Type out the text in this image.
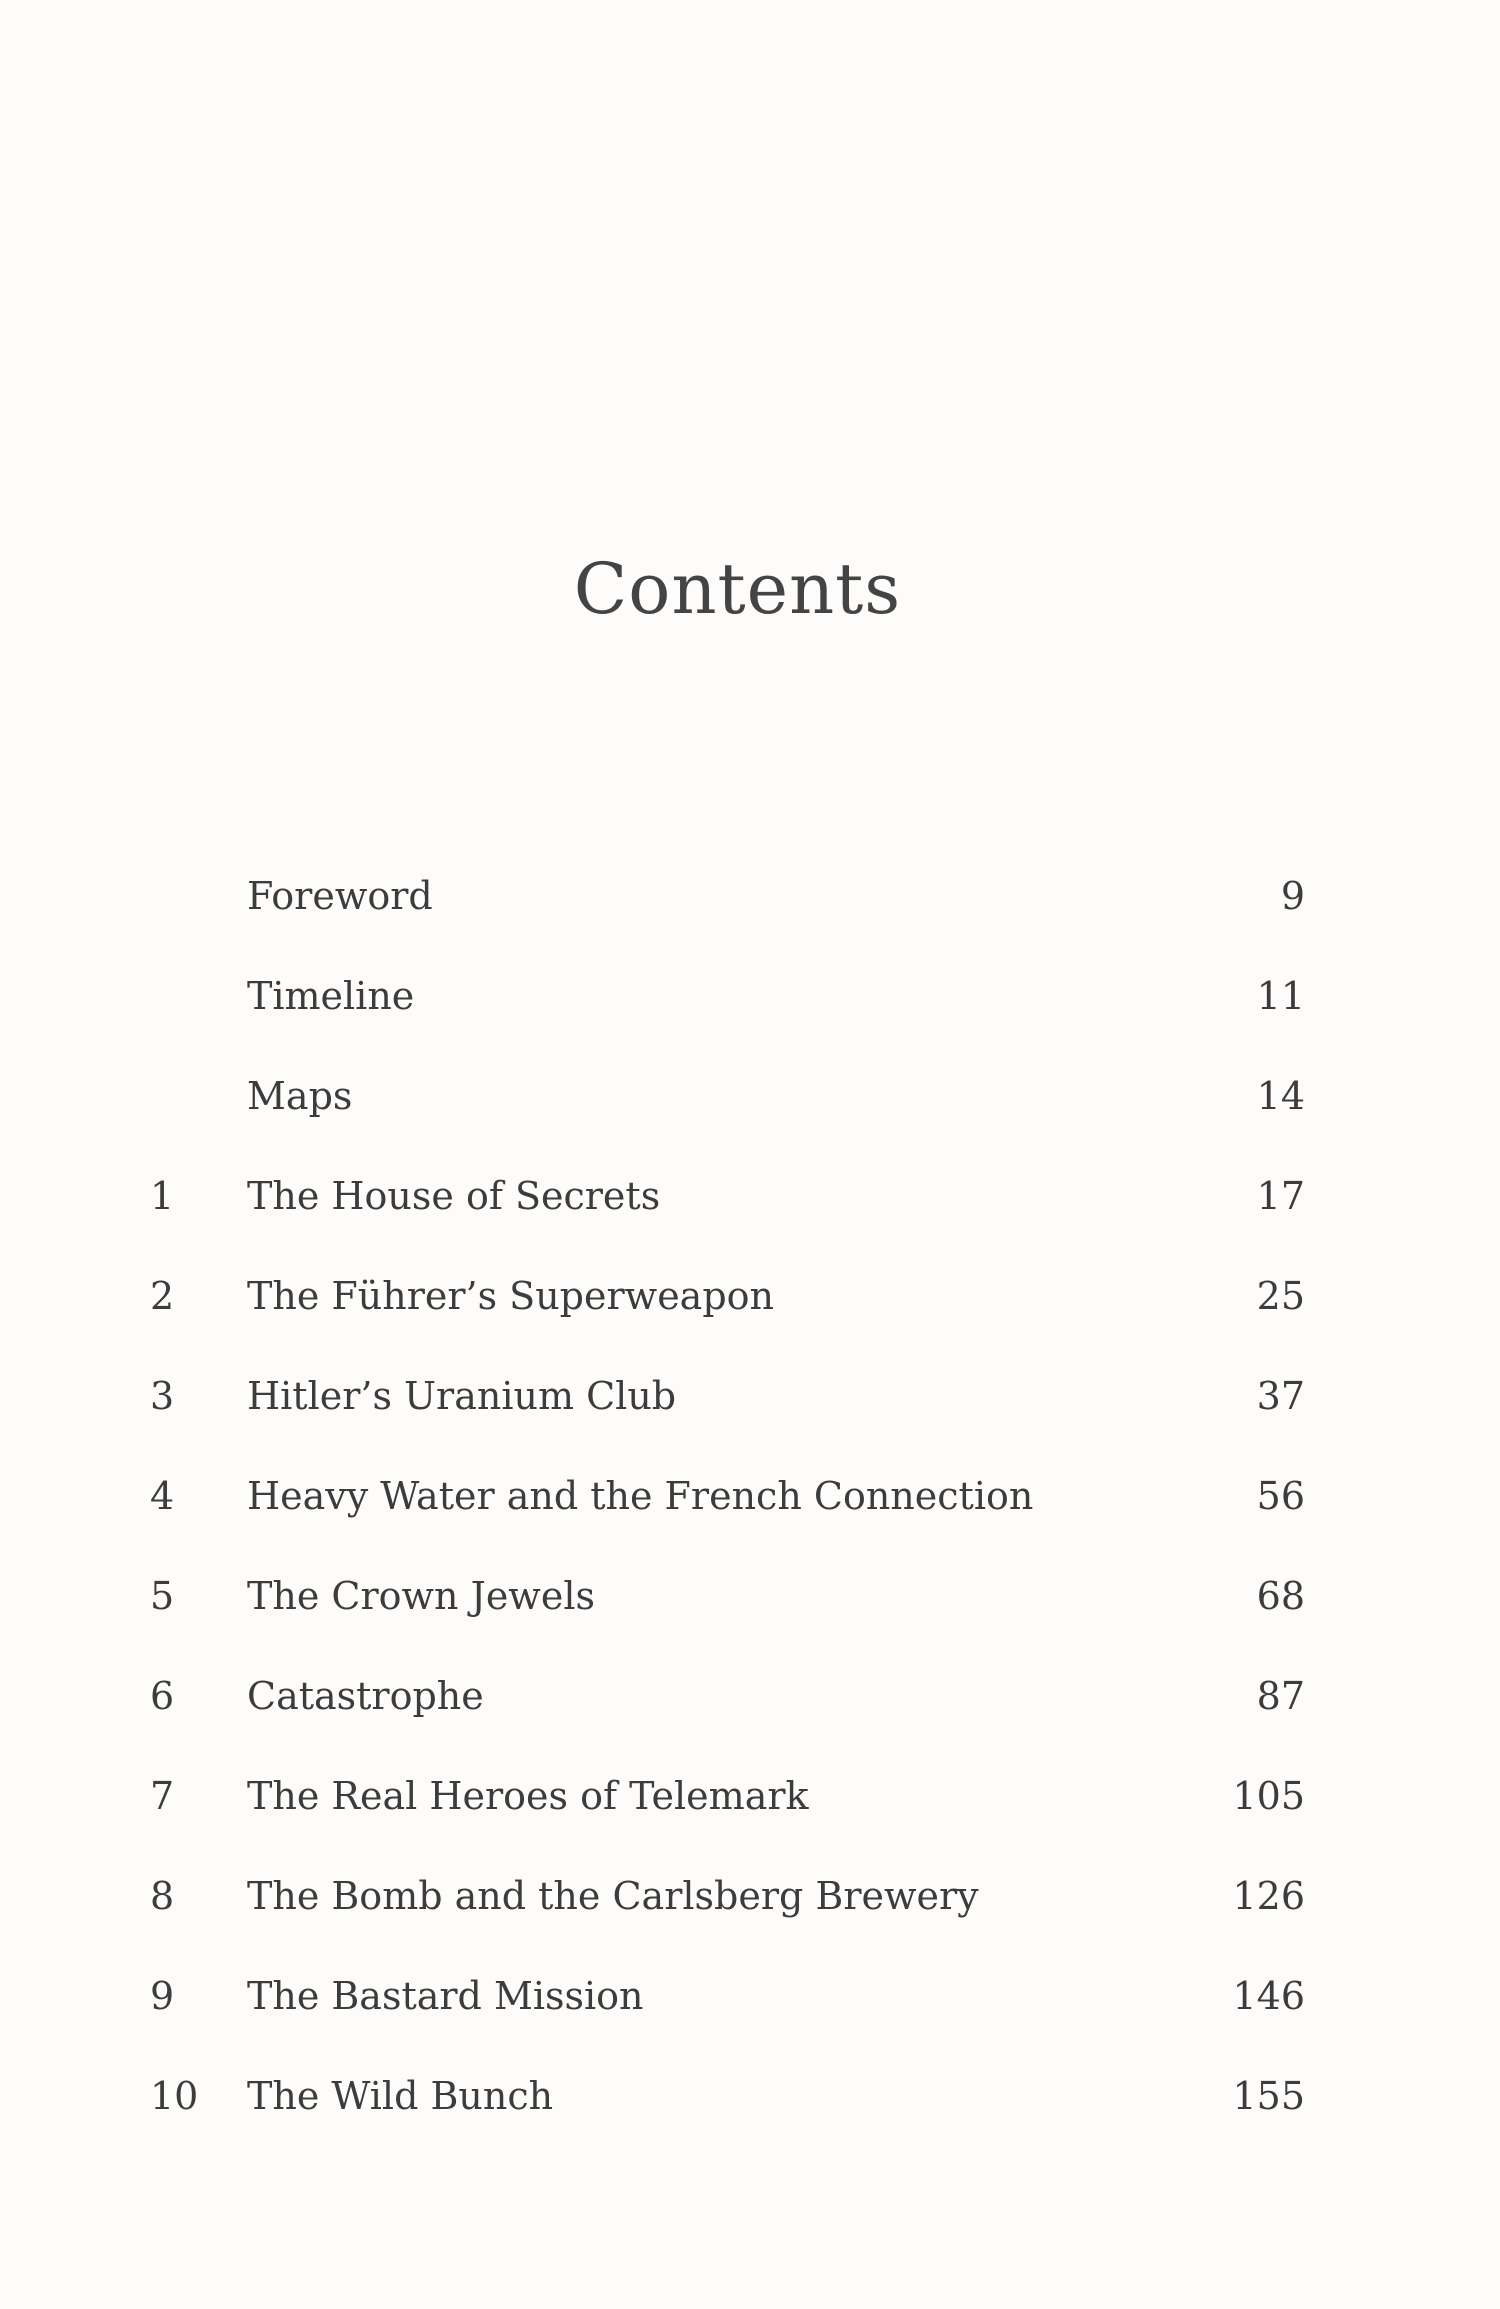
Contents
Foreword	9
Timeline	11
Maps	14
1	The House of Secrets	17
2	The Führer’s Superweapon	25
3	Hitler’s Uranium Club	37
4	Heavy Water and the French Connection	56
5	The Crown Jewels	68
6	Catastrophe	87
7	The Real Heroes of Telemark	105
8	The Bomb and the Carlsberg Brewery	126
9	The Bastard Mission	146
10	The Wild Bunch	155
